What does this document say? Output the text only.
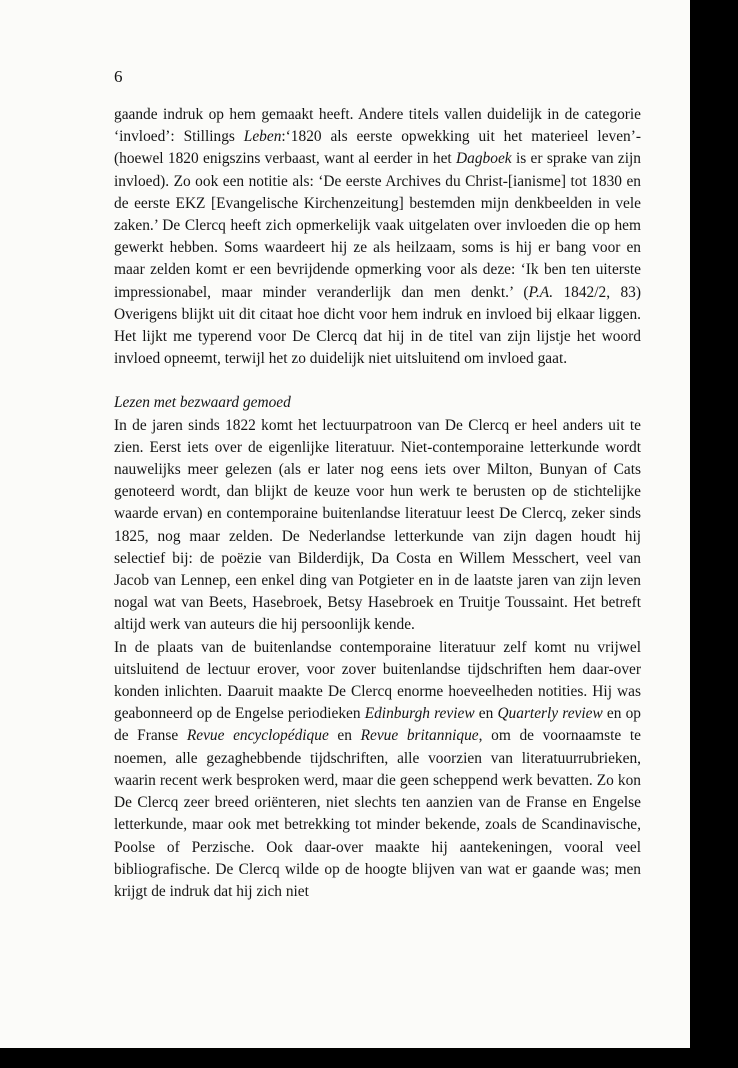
6

gaande indruk op hem gemaakt heeft. Andere titels vallen duidelijk in de categorie ‘invloed’: Stillings Leben:‘1820 als eerste opwekking uit het materieel leven’- (hoewel 1820 enigszins verbaast, want al eerder in het Dagboek is er sprake van zijn invloed). Zo ook een notitie als: ‘De eerste Archives du Christ-[ianisme] tot 1830 en de eerste EKZ [Evangelische Kirchenzeitung] bestemden mijn denkbeelden in vele zaken.’ De Clercq heeft zich opmerkelijk vaak uitgelaten over invloeden die op hem gewerkt hebben. Soms waardeert hij ze als heilzaam, soms is hij er bang voor en maar zelden komt er een bevrijdende opmerking voor als deze: ‘Ik ben ten uiterste impressionabel, maar minder veranderlijk dan men denkt.’ (P.A. 1842/2, 83) Overigens blijkt uit dit citaat hoe dicht voor hem indruk en invloed bij elkaar liggen. Het lijkt me typerend voor De Clercq dat hij in de titel van zijn lijstje het woord invloed opneemt, terwijl het zo duidelijk niet uitsluitend om invloed gaat.

Lezen met bezwaard gemoed

In de jaren sinds 1822 komt het lectuurpatroon van De Clercq er heel anders uit te zien. Eerst iets over de eigenlijke literatuur. Niet-contemporaine letterkunde wordt nauwelijks meer gelezen (als er later nog eens iets over Milton, Bunyan of Cats genoteerd wordt, dan blijkt de keuze voor hun werk te berusten op de stichtelijke waarde ervan) en contemporaine buitenlandse literatuur leest De Clercq, zeker sinds 1825, nog maar zelden. De Nederlandse letterkunde van zijn dagen houdt hij selectief bij: de poëzie van Bilderdijk, Da Costa en Willem Messchert, veel van Jacob van Lennep, een enkel ding van Potgieter en in de laatste jaren van zijn leven nogal wat van Beets, Hasebroek, Betsy Hasebroek en Truitje Toussaint. Het betreft altijd werk van auteurs die hij persoonlijk kende.

In de plaats van de buitenlandse contemporaine literatuur zelf komt nu vrijwel uitsluitend de lectuur erover, voor zover buitenlandse tijdschriften hem daar-over konden inlichten. Daaruit maakte De Clercq enorme hoeveelheden notities. Hij was geabonneerd op de Engelse periodieken Edinburgh review en Quarterly review en op de Franse Revue encyclopédique en Revue britannique, om de voornaamste te noemen, alle gezaghebbende tijdschriften, alle voorzien van literatuurrubrieken, waarin recent werk besproken werd, maar die geen scheppend werk bevatten. Zo kon De Clercq zeer breed oriënteren, niet slechts ten aanzien van de Franse en Engelse letterkunde, maar ook met betrekking tot minder bekende, zoals de Scandinavische, Poolse of Perzische. Ook daar-over maakte hij aantekeningen, vooral veel bibliografische. De Clercq wilde op de hoogte blijven van wat er gaande was; men krijgt de indruk dat hij zich niet
